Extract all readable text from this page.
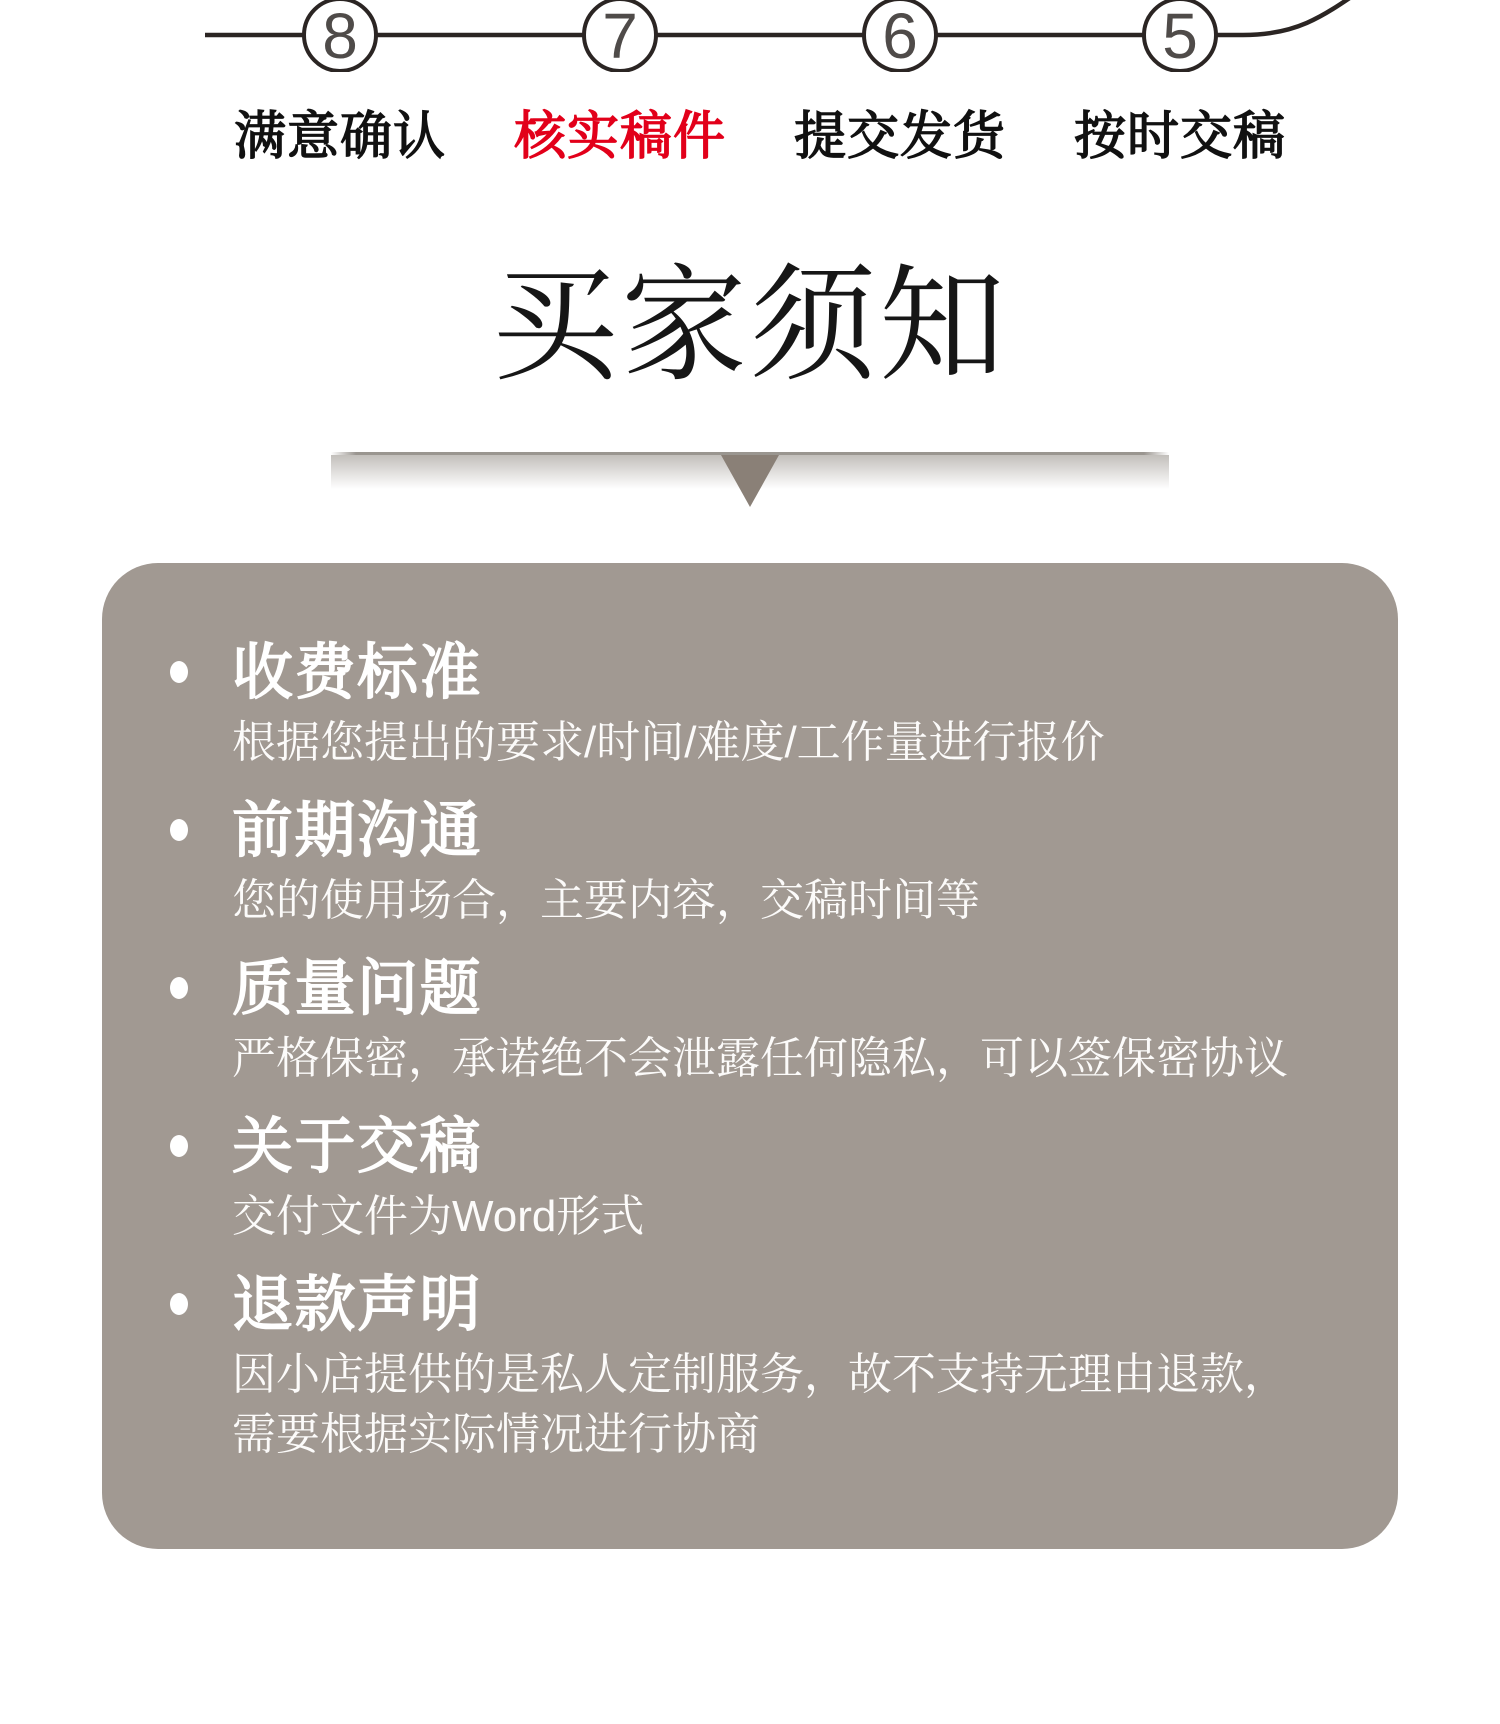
8	7	6	5
满意确认	核实稿件	提交发货	按时交稿
买家须知
收费标准

根据您提出的要求/时间/难度/工作量进行报价

前期沟通

您的使用场合，主要内容，交稿时间等

质量问题

严格保密，承诺绝不会泄露任何隐私，可以签保密协议

关于交稿

交付文件为Word形式

退款声明

因小店提供的是私人定制服务，故不支持无理由退款，需要根据实际情况进行协商
